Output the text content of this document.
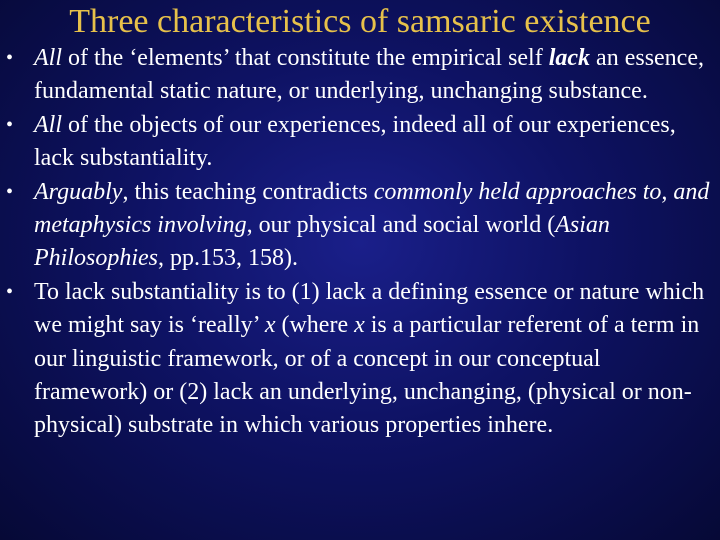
Three characteristics of samsaric existence
• All of the ‘elements’ that constitute the empirical self lack an essence, fundamental static nature, or underlying, unchanging substance.
• All of the objects of our experiences, indeed all of our experiences, lack substantiality.
• Arguably, this teaching contradicts commonly held approaches to, and metaphysics involving, our physical and social world (Asian Philosophies, pp.153, 158).
• To lack substantiality is to (1) lack a defining essence or nature which we might say is ‘really’ x (where x is a particular referent of a term in our linguistic framework, or of a concept in our conceptual framework) or (2) lack an underlying, unchanging, (physical or non-physical) substrate in which various properties inhere.
